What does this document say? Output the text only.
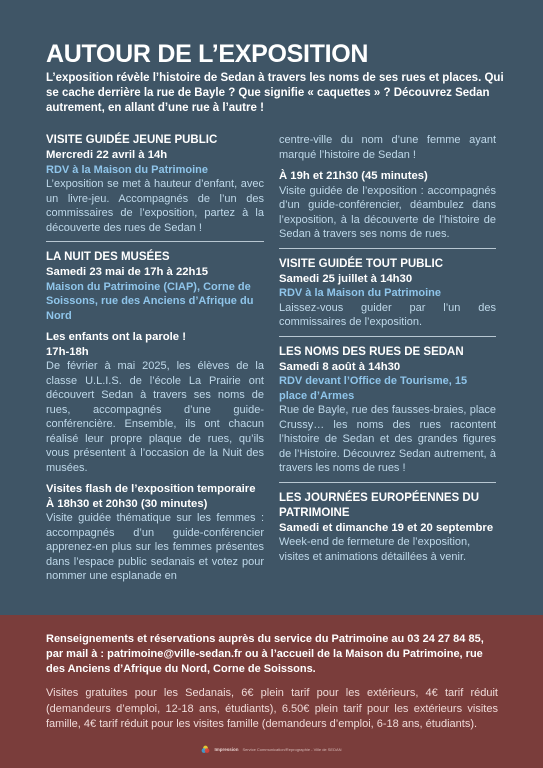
AUTOUR DE L’EXPOSITION

L’exposition révèle l’histoire de Sedan à travers les noms de ses rues et places. Qui se cache derrière la rue de Bayle ? Que signifie « caquettes » ? Découvrez Sedan autrement, en allant d’une rue à l’autre !

VISITE GUIDÉE JEUNE PUBLIC

Mercredi 22 avril à 14h

RDV à la Maison du Patrimoine

L’exposition se met à hauteur d’enfant, avec un livre-jeu. Accompagnés de l’un des commissaires de l’exposition, partez à la découverte des rues de Sedan !

LA NUIT DES MUSÉES

Samedi 23 mai de 17h à 22h15

Maison du Patrimoine (CIAP), Corne de Soissons, rue des Anciens d’Afrique du Nord

Les enfants ont la parole !

17h-18h

De février à mai 2025, les élèves de la classe U.L.I.S. de l’école La Prairie ont découvert Sedan à travers ses noms de rues, accompagnés d’une guide-conférencière. Ensemble, ils ont chacun réalisé leur propre plaque de rues, qu’ils vous présentent à l’occasion de la Nuit des musées.

Visites flash de l’exposition temporaire

À 18h30 et 20h30 (30 minutes)

Visite guidée thématique sur les femmes : accompagnés d’un guide-conférencier apprenez-en plus sur les femmes présentes dans l’espace public sedanais et votez pour nommer une esplanade en

centre-ville du nom d’une femme ayant marqué l’histoire de Sedan !

À 19h et 21h30 (45 minutes)

Visite guidée de l’exposition : accompagnés d’un guide-conférencier, déambulez dans l’exposition, à la découverte de l’histoire de Sedan à travers ses noms de rues.

VISITE GUIDÉE TOUT PUBLIC

Samedi 25 juillet à 14h30

RDV à la Maison du Patrimoine

Laissez-vous guider par l’un des commissaires de l’exposition.

LES NOMS DES RUES DE SEDAN

Samedi 8 août à 14h30

RDV devant l’Office de Tourisme, 15 place d’Armes

Rue de Bayle, rue des fausses-braies, place Crussy… les noms des rues racontent l’histoire de Sedan et des grandes figures de l’Histoire. Découvrez Sedan autrement, à travers les noms de rues !

LES JOURNÉES EUROPÉENNES DU PATRIMOINE

Samedi et dimanche 19 et 20 septembre

Week-end de fermeture de l’exposition, visites et animations détaillées à venir.

Renseignements et réservations auprès du service du Patrimoine au 03 24 27 84 85, par mail à : patrimoine@ville-sedan.fr ou à l’accueil de la Maison du Patrimoine, rue des Anciens d’Afrique du Nord, Corne de Soissons.

Visites gratuites pour les Sedanais, 6€ plein tarif pour les extérieurs, 4€ tarif réduit (demandeurs d’emploi, 12-18 ans, étudiants), 6.50€ plein tarif pour les extérieurs visites famille, 4€ tarif réduit pour les visites famille (demandeurs d’emploi, 6-18 ans, étudiants).

Impression Service Communication/Reprographie - Ville de SEDAN
